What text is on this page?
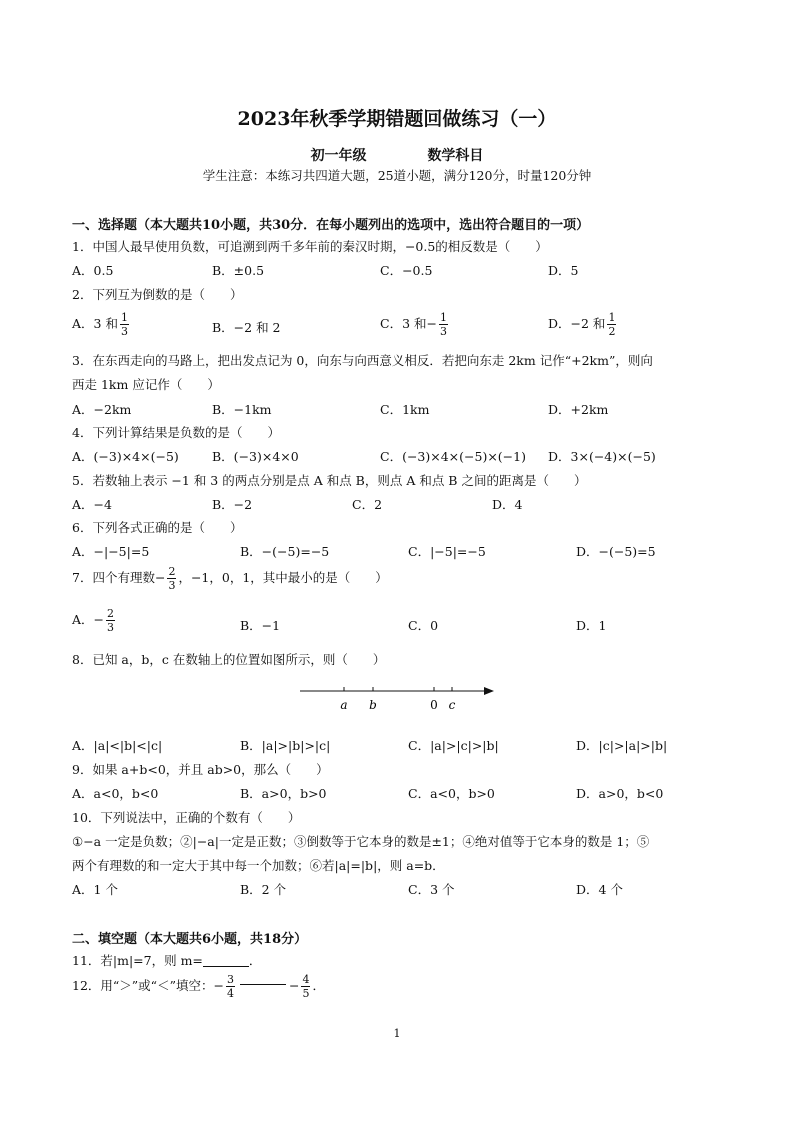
2023年秋季学期错题回做练习（一）
初一年级	数学科目
学生注意：本练习共四道大题，25道小题，满分120分，时量120分钟
一、选择题（本大题共10小题，共30分．在每小题列出的选项中，选出符合题目的一项）
1．中国人最早使用负数，可追溯到两千多年前的秦汉时期，−0.5的相反数是（　　）
A．0.5	B．±0.5	C．−0.5	D．5
2．下列互为倒数的是（　　）
A．3 和 $\frac{1}{3}$	B．−2 和 2	C．3 和− $\frac{1}{3}$	D．−2 和 $\frac{1}{2}$
3．在东西走向的马路上，把出发点记为 0，向东与向西意义相反．若把向东走 2km 记作“+2km”，则向
西走 1km 应记作（　　）
A．−2km	B．−1km	C．1km	D．+2km
4．下列计算结果是负数的是（　　）
A．(−3)×4×(−5)	B．(−3)×4×0	C．(−3)×4×(−5)×(−1) D．3×(−4)×(−5)
5．若数轴上表示 −1 和 3 的两点分别是点 A 和点 B，则点 A 和点 B 之间的距离是（　　）
A．−4	B．−2	C．2	D．4
6．下列各式正确的是（　　）
A．−|−5|=5	B．−(−5)=−5	C．|−5|=−5	D．−(−5)=5
7．四个有理数− $\frac{2}{3}$ ，−1，0，1，其中最小的是（　　）
A．− $\frac{2}{3}$	B．−1	C．0	D．1
8．已知 a，b，c 在数轴上的位置如图所示，则（　　）
a b	0 c
A．|a|<|b|<|c|	B．|a|>|b|>|c|	C．|a|>|c|>|b|	D．|c|>|a|>|b|
9．如果 a+b<0，并且 ab>0，那么（　　）
A．a<0，b<0	B．a>0，b>0	C．a<0，b>0	D．a>0，b<0
10．下列说法中，正确的个数有（　　）
①−a 一定是负数；②|−a|一定是正数；③倒数等于它本身的数是±1；④绝对值等于它本身的数是 1；⑤
两个有理数的和一定大于其中每一个加数；⑥若|a|=|b|，则 a=b．
A．1 个	B．2 个	C．3 个	D．4 个
二、填空题（本大题共6小题，共18分）
11．若|m|=7，则 m=	．
12．用“＞”或“＜”填空：− $\frac{3}{4}$	− $\frac{4}{5}$ ．
1
